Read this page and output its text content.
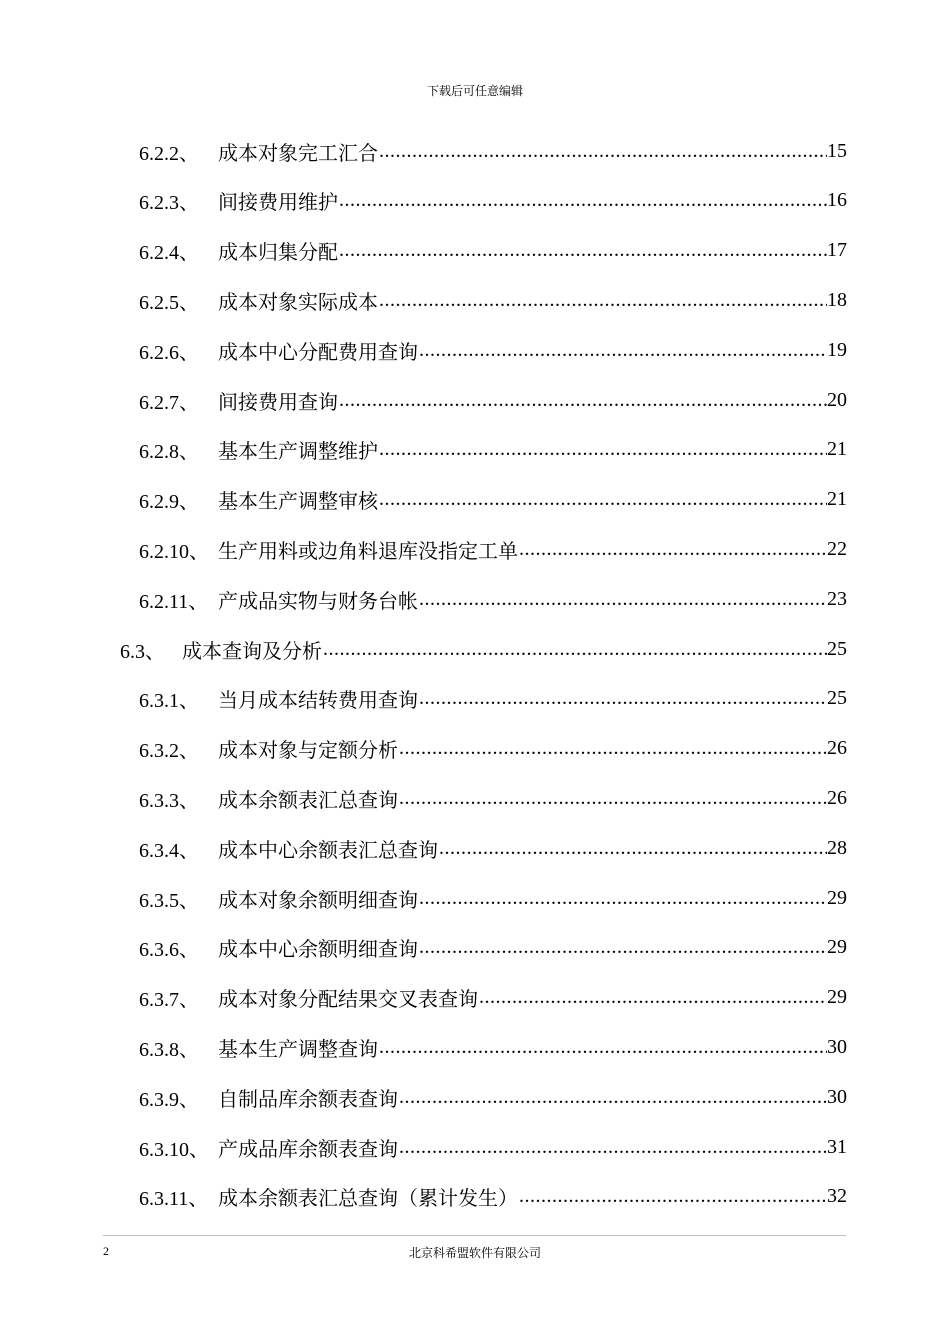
下载后可任意编辑
6.2.2、 成本对象完工汇合 .....	15
6.2.3、 间接费用维护 .....	16
6.2.4、 成本归集分配 .....	17
6.2.5、 成本对象实际成本 .....	18
6.2.6、 成本中心分配费用查询 .....	19
6.2.7、 间接费用查询 .....	20
6.2.8、 基本生产调整维护 .....	21
6.2.9、 基本生产调整审核 .....	21
6.2.10、 生产用料或边角料退库没指定工单 .....	22
6.2.11、 产成品实物与财务台帐 .....	23
6.3、 成本查询及分析 .....	25
6.3.1、 当月成本结转费用查询 .....	25
6.3.2、 成本对象与定额分析 .....	26
6.3.3、 成本余额表汇总查询 .....	26
6.3.4、 成本中心余额表汇总查询 .....	28
6.3.5、 成本对象余额明细查询 .....	29
6.3.6、 成本中心余额明细查询 .....	29
6.3.7、 成本对象分配结果交叉表查询 .....	29
6.3.8、 基本生产调整查询 .....	30
6.3.9、 自制品库余额表查询 .....	30
6.3.10、 产成品库余额表查询 .....	31
6.3.11、 成本余额表汇总查询（累计发生） .....	32
2	北京科希盟软件有限公司
